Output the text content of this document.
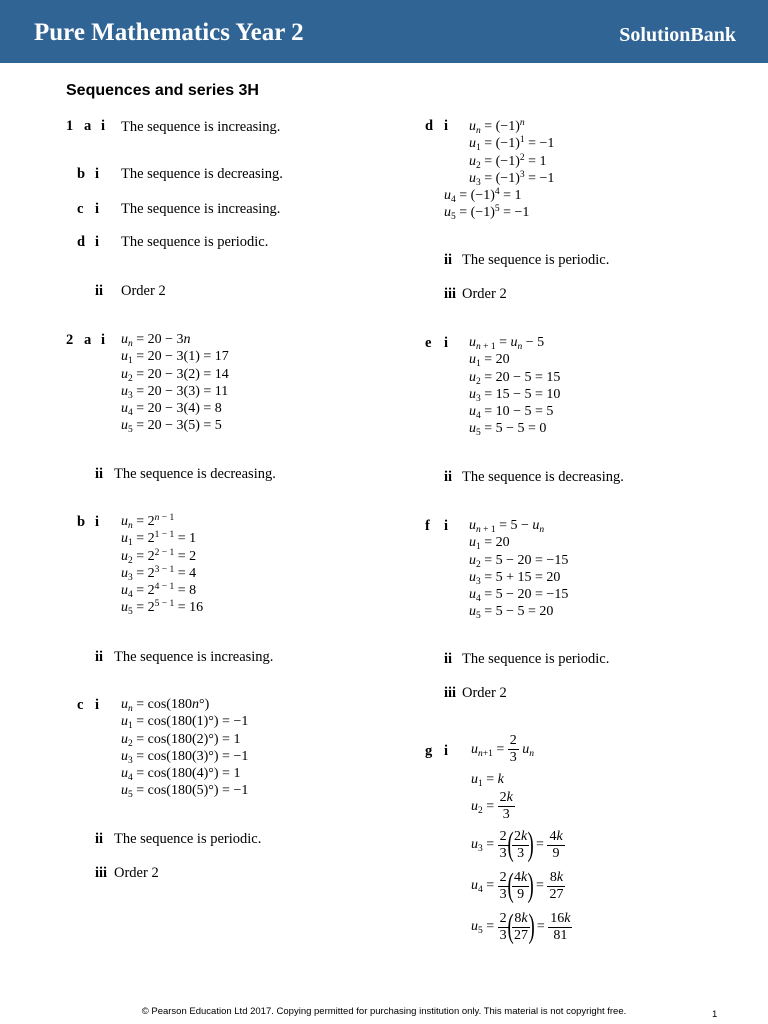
Pure Mathematics Year 2	SolutionBank
Sequences and series 3H
1 a i The sequence is increasing.
b i The sequence is decreasing.
c i The sequence is increasing.
d i The sequence is periodic.
ii Order 2
2 a i $u_n = 20 - 3n$
$u_1 = 20 - 3(1) = 17$
$u_2 = 20 - 3(2) = 14$
$u_3 = 20 - 3(3) = 11$
$u_4 = 20 - 3(4) = 8$
$u_5 = 20 - 3(5) = 5$
ii The sequence is decreasing.
b i $u_n = 2^{n - 1}$
$u_1 = 2^{1 - 1} = 1$
$u_2 = 2^{2 - 1} = 2$
$u_3 = 2^{3 - 1} = 4$
$u_4 = 2^{4 - 1} = 8$
$u_5 = 2^{5 - 1} = 16$
ii The sequence is increasing.
c i $u_n = \cos(180n^\circ)$
$u_1 = \cos(180(1)^\circ) = -1$
$u_2 = \cos(180(2)^\circ) = 1$
$u_3 = \cos(180(3)^\circ) = -1$
$u_4 = \cos(180(4)^\circ) = 1$
$u_5 = \cos(180(5)^\circ) = -1$
ii The sequence is periodic.
iii Order 2
d i $u_n = (-1)^n$
$u_1 = (-1)^1 = -1$
$u_2 = (-1)^2 = 1$
$u_3 = (-1)^3 = -1$
$u_4 = (-1)^4 = 1$
$u_5 = (-1)^5 = -1$
ii The sequence is periodic.
iii Order 2
e i $u_{n + 1} = u_n - 5$
$u_1 = 20$
$u_2 = 20 - 5 = 15$
$u_3 = 15 - 5 = 10$
$u_4 = 10 - 5 = 5$
$u_5 = 5 - 5 = 0$
ii The sequence is decreasing.
f i $u_{n + 1} = 5 - u_n$
$u_1 = 20$
$u_2 = 5 - 20 = -15$
$u_3 = 5 + 15 = 20$
$u_4 = 5 - 20 = -15$
$u_5 = 5 - 5 = 20$
ii The sequence is periodic.
iii Order 2
g i $u_{n+1} = \frac{2}{3} u_n$
$u_1 = k$
$u_2 = \frac{2k}{3}$
$u_3 = \frac{2}{3}$
(
$\frac{2k}{3}$
)
= $\frac{4k}{9}$
$u_4 = \frac{2}{3}$
(
$\frac{4k}{9}$
)
= $\frac{8k}{27}$
$u_5 = \frac{2}{3}$
(
$\frac{8k}{27}$
)
= $\frac{16k}{81}$
© Pearson Education Ltd 2017. Copying permitted for purchasing institution only. This material is not copyright free.	1
